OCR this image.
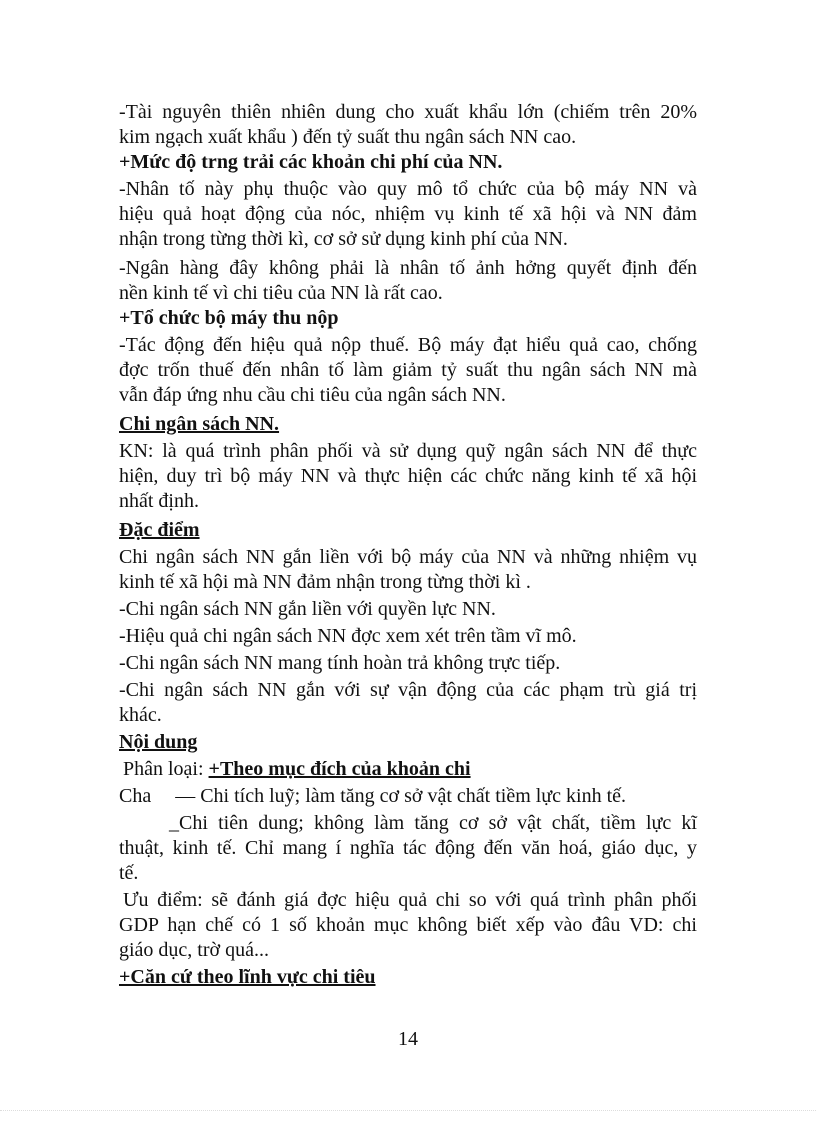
-Tài nguyên thiên nhiên dung cho xuất khẩu lớn (chiếm trên 20%
kim ngạch xuất khẩu ) đến tỷ suất thu ngân sách NN cao.
+Mức độ trng trải các khoản chi phí của NN.
-Nhân tố này phụ thuộc vào quy mô tổ chức của bộ máy NN và
hiệu quả hoạt động của nóc, nhiệm vụ kinh tế xã hội và NN đảm
nhận trong từng thời kì, cơ sở sử dụng kinh phí của NN.
-Ngân hàng đây không phải là nhân tố ảnh hởng quyết định đến
nền kinh tế vì chi tiêu của NN là rất cao.
+Tổ chức bộ máy thu nộp
-Tác động đến hiệu quả nộp thuế. Bộ máy đạt hiểu quả cao, chống
đợc trốn thuế đến nhân tố làm giảm tỷ suất thu ngân sách NN mà
vẫn đáp ứng nhu cầu chi tiêu của ngân sách NN.
Chi ngân sách NN.
KN: là quá trình phân phối và sử dụng quỹ ngân sách NN để thực
hiện, duy trì bộ máy NN và thực hiện các chức năng kinh tế xã hội
nhất định.
Đặc điểm
Chi ngân sách NN gắn liền với bộ máy của NN và những nhiệm vụ
kinh tế xã hội mà NN đảm nhận trong từng thời kì .
-Chi ngân sách NN gắn liền với quyền lực NN.
-Hiệu quả chi ngân sách NN đợc xem xét trên tầm vĩ mô.
-Chi ngân sách NN mang tính hoàn trả không trực tiếp.
-Chi ngân sách NN gắn với sự vận động của các phạm trù giá trị
khác.
Nội dung
Phân loại: +Theo mục đích của khoản chi
Cha — Chi tích luỹ; làm tăng cơ sở vật chất tiềm lực kinh tế.
_Chi tiên dung; không làm tăng cơ sở vật chất, tiềm lực kĩ
thuật, kinh tế. Chỉ mang í nghĩa tác động đến văn hoá, giáo dục, y
tế.
Ưu điểm: sẽ đánh giá đợc hiệu quả chi so với quá trình phân phối
GDP hạn chế có 1 số khoản mục không biết xếp vào đâu VD: chi
giáo dục, trờ quá...
+Căn cứ theo lĩnh vực chi tiêu
14
